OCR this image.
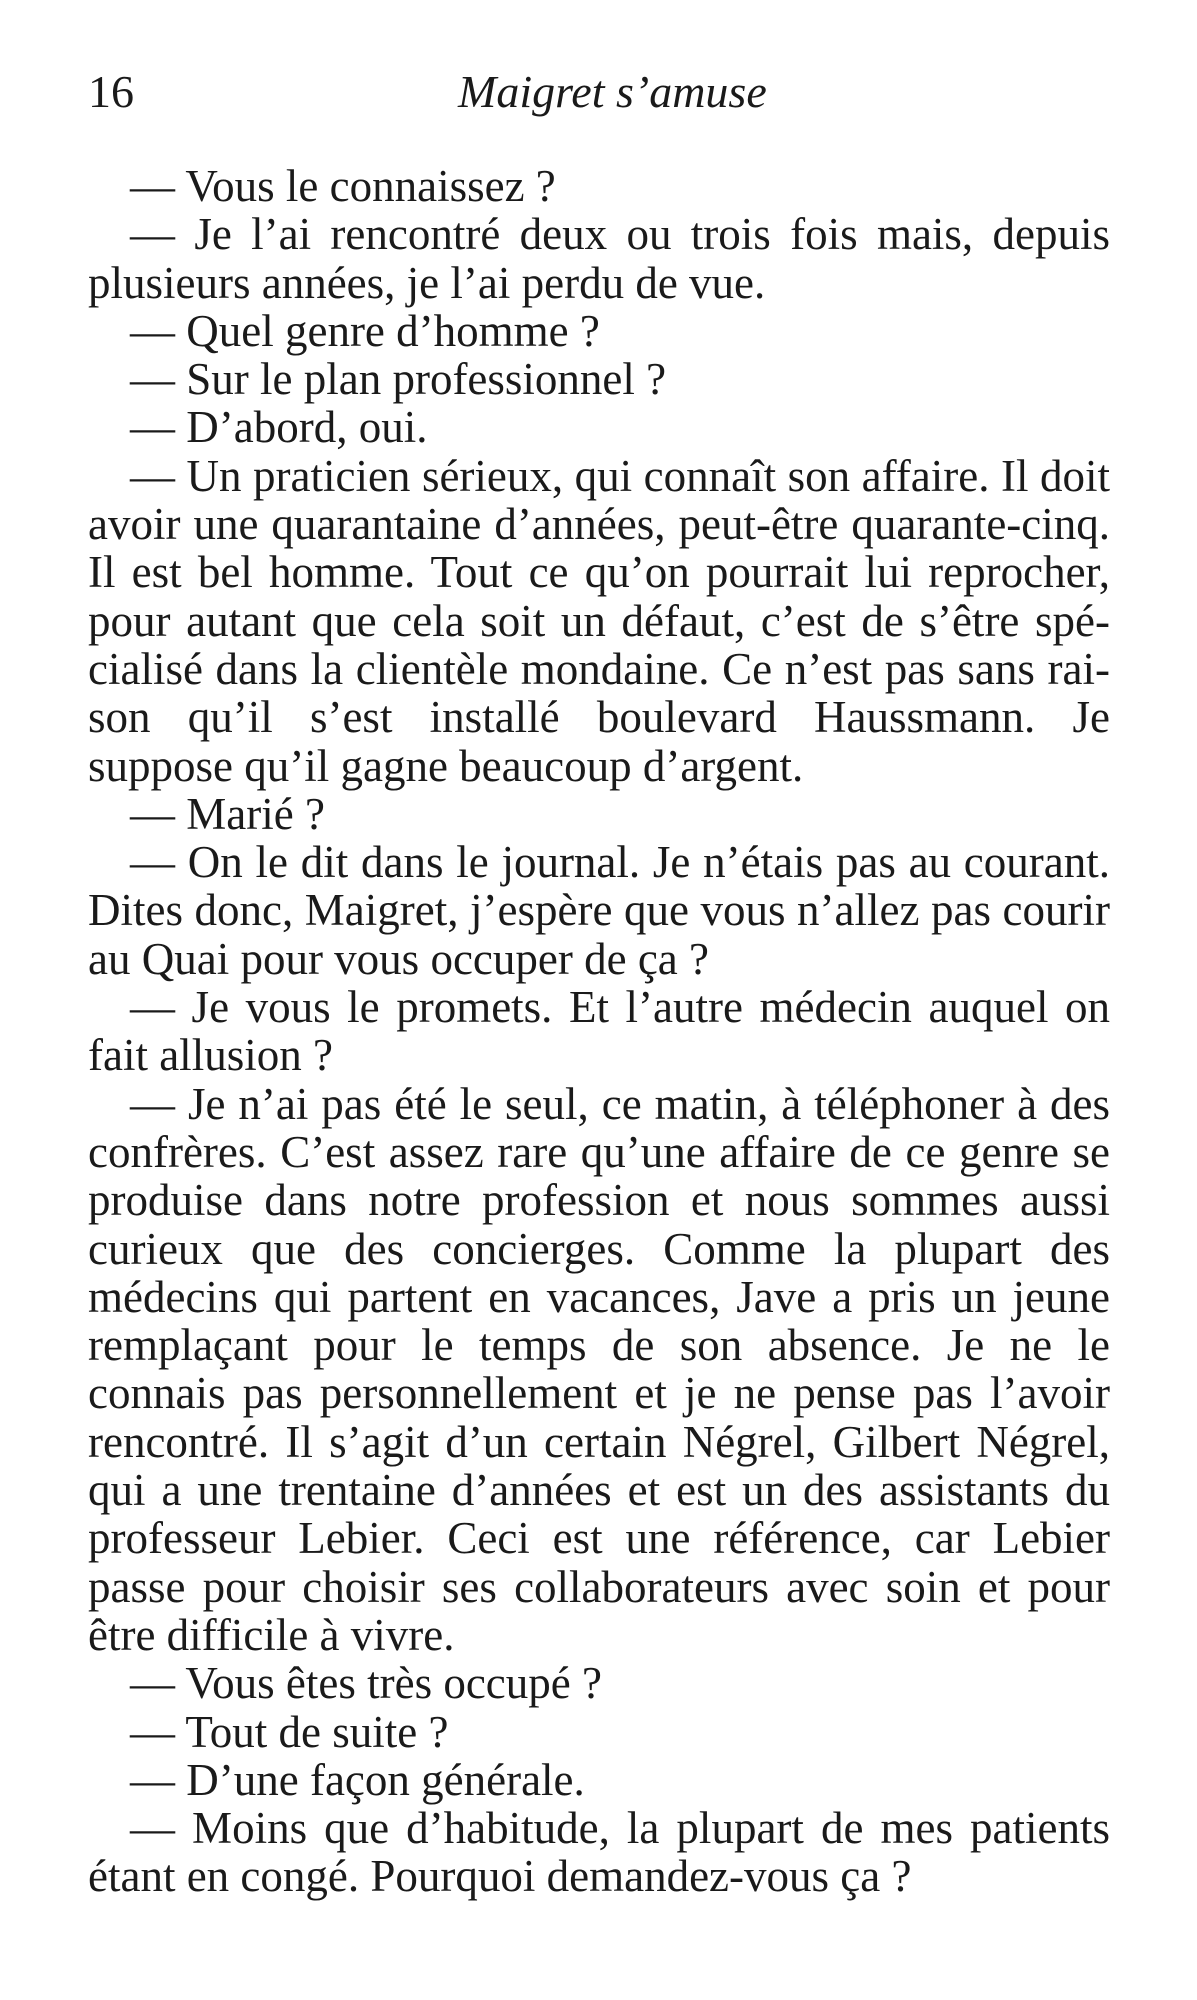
16	Maigret s’amuse

— Vous le connaissez ?

— Je l’ai rencontré deux ou trois fois mais, depuis plusieurs années, je l’ai perdu de vue.

— Quel genre d’homme ?

— Sur le plan professionnel ?

— D’abord, oui.

— Un praticien sérieux, qui connaît son affaire. Il doit avoir une quarantaine d’années, peut-être quarante-cinq. Il est bel homme. Tout ce qu’on pourrait lui reprocher, pour autant que cela soit un défaut, c’est de s’être spécialisé dans la clientèle mondaine. Ce n’est pas sans raison qu’il s’est installé boulevard Haussmann. Je suppose qu’il gagne beaucoup d’argent.

— Marié ?

— On le dit dans le journal. Je n’étais pas au courant. Dites donc, Maigret, j’espère que vous n’allez pas courir au Quai pour vous occuper de ça ?

— Je vous le promets. Et l’autre médecin auquel on fait allusion ?

— Je n’ai pas été le seul, ce matin, à téléphoner à des confrères. C’est assez rare qu’une affaire de ce genre se produise dans notre profession et nous sommes aussi curieux que des concierges. Comme la plupart des médecins qui partent en vacances, Jave a pris un jeune remplaçant pour le temps de son absence. Je ne le connais pas personnellement et je ne pense pas l’avoir rencontré. Il s’agit d’un certain Négrel, Gilbert Négrel, qui a une trentaine d’années et est un des assistants du professeur Lebier. Ceci est une référence, car Lebier passe pour choisir ses collaborateurs avec soin et pour être difficile à vivre.

— Vous êtes très occupé ?

— Tout de suite ?

— D’une façon générale.

— Moins que d’habitude, la plupart de mes patients étant en congé. Pourquoi demandez-vous ça ?
